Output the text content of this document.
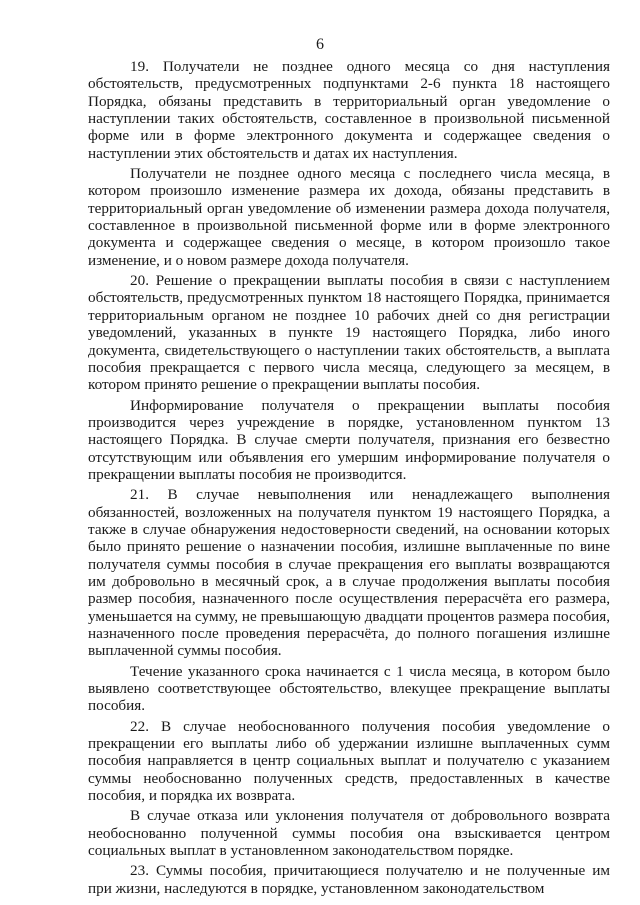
6

19. Получатели не позднее одного месяца со дня наступления обстоятельств, предусмотренных подпунктами 2-6 пункта 18 настоящего Порядка, обязаны представить в территориальный орган уведомление о наступлении таких обстоятельств, составленное в произвольной письменной форме или в форме электронного документа и содержащее сведения о наступлении этих обстоятельств и датах их наступления.

Получатели не позднее одного месяца с последнего числа месяца, в котором произошло изменение размера их дохода, обязаны представить в территориальный орган уведомление об изменении размера дохода получателя, составленное в произвольной письменной форме или в форме электронного документа и содержащее сведения о месяце, в котором произошло такое изменение, и о новом размере дохода получателя.

20. Решение о прекращении выплаты пособия в связи с наступлением обстоятельств, предусмотренных пунктом 18 настоящего Порядка, принимается территориальным органом не позднее 10 рабочих дней со дня регистрации уведомлений, указанных в пункте 19 настоящего Порядка, либо иного документа, свидетельствующего о наступлении таких обстоятельств, а выплата пособия прекращается с первого числа месяца, следующего за месяцем, в котором принято решение о прекращении выплаты пособия.

Информирование получателя о прекращении выплаты пособия производится через учреждение в порядке, установленном пунктом 13 настоящего Порядка. В случае смерти получателя, признания его безвестно отсутствующим или объявления его умершим информирование получателя о прекращении выплаты пособия не производится.

21. В случае невыполнения или ненадлежащего выполнения обязанностей, возложенных на получателя пунктом 19 настоящего Порядка, а также в случае обнаружения недостоверности сведений, на основании которых было принято решение о назначении пособия, излишне выплаченные по вине получателя суммы пособия в случае прекращения его выплаты возвращаются им добровольно в месячный срок, а в случае продолжения выплаты пособия размер пособия, назначенного после осуществления перерасчёта его размера, уменьшается на сумму, не превышающую двадцати процентов размера пособия, назначенного после проведения перерасчёта, до полного погашения излишне выплаченной суммы пособия.

Течение указанного срока начинается с 1 числа месяца, в котором было выявлено соответствующее обстоятельство, влекущее прекращение выплаты пособия.

22. В случае необоснованного получения пособия уведомление о прекращении его выплаты либо об удержании излишне выплаченных сумм пособия направляется в центр социальных выплат и получателю с указанием суммы необоснованно полученных средств, предоставленных в качестве пособия, и порядка их возврата.

В случае отказа или уклонения получателя от добровольного возврата необоснованно полученной суммы пособия она взыскивается центром социальных выплат в установленном законодательством порядке.

23. Суммы пособия, причитающиеся получателю и не полученные им при жизни, наследуются в порядке, установленном законодательством
